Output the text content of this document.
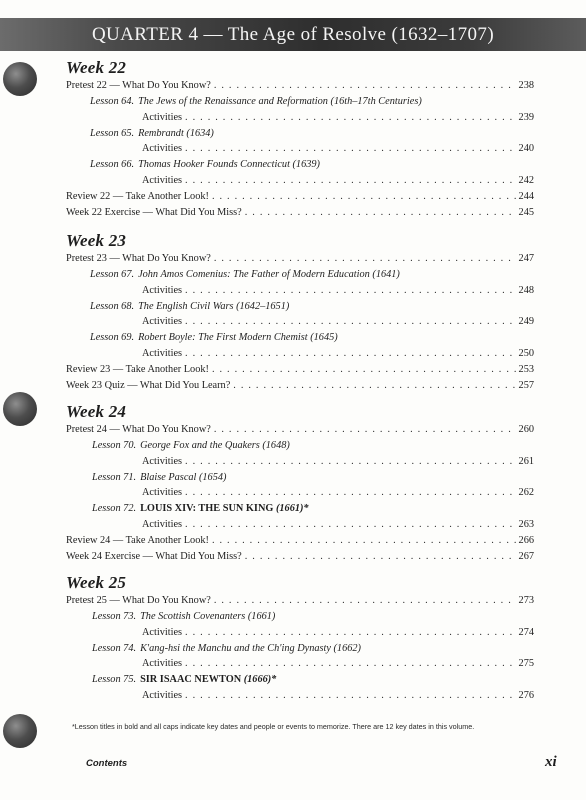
QUARTER 4 — The Age of Resolve (1632–1707)
Week 22
Pretest 22 — What Do You Know? . . .	238
Lesson 64. The Jews of the Renaissance and Reformation (16th–17th Centuries)
Activities . . .	239
Lesson 65. Rembrandt (1634)
Activities . . .	240
Lesson 66. Thomas Hooker Founds Connecticut (1639)
Activities . . .	242
Review 22 — Take Another Look! . . .	244
Week 22 Exercise — What Did You Miss? . . .	245
Week 23
Pretest 23 — What Do You Know? . . .	247
Lesson 67. John Amos Comenius: The Father of Modern Education (1641)
Activities . . .	248
Lesson 68. The English Civil Wars (1642–1651)
Activities . . .	249
Lesson 69. Robert Boyle: The First Modern Chemist (1645)
Activities . . .	250
Review 23 — Take Another Look! . . .	253
Week 23 Quiz — What Did You Learn? . . .	257
Week 24
Pretest 24 — What Do You Know? . . .	260
Lesson 70. George Fox and the Quakers (1648)
Activities . . .	261
Lesson 71. Blaise Pascal (1654)
Activities . . .	262
Lesson 72. LOUIS XIV: THE SUN KING (1661)*
Activities . . .	263
Review 24 — Take Another Look! . . .	266
Week 24 Exercise — What Did You Miss? . . .	267
Week 25
Pretest 25 — What Do You Know? . . .	273
Lesson 73. The Scottish Covenanters (1661)
Activities . . .	274
Lesson 74. K'ang-hsi the Manchu and the Ch'ing Dynasty (1662)
Activities . . .	275
Lesson 75. SIR ISAAC NEWTON (1666)*
Activities . . .	276
*Lesson titles in bold and all caps indicate key dates and people or events to memorize. There are 12 key dates in this volume.
Contents	xi
